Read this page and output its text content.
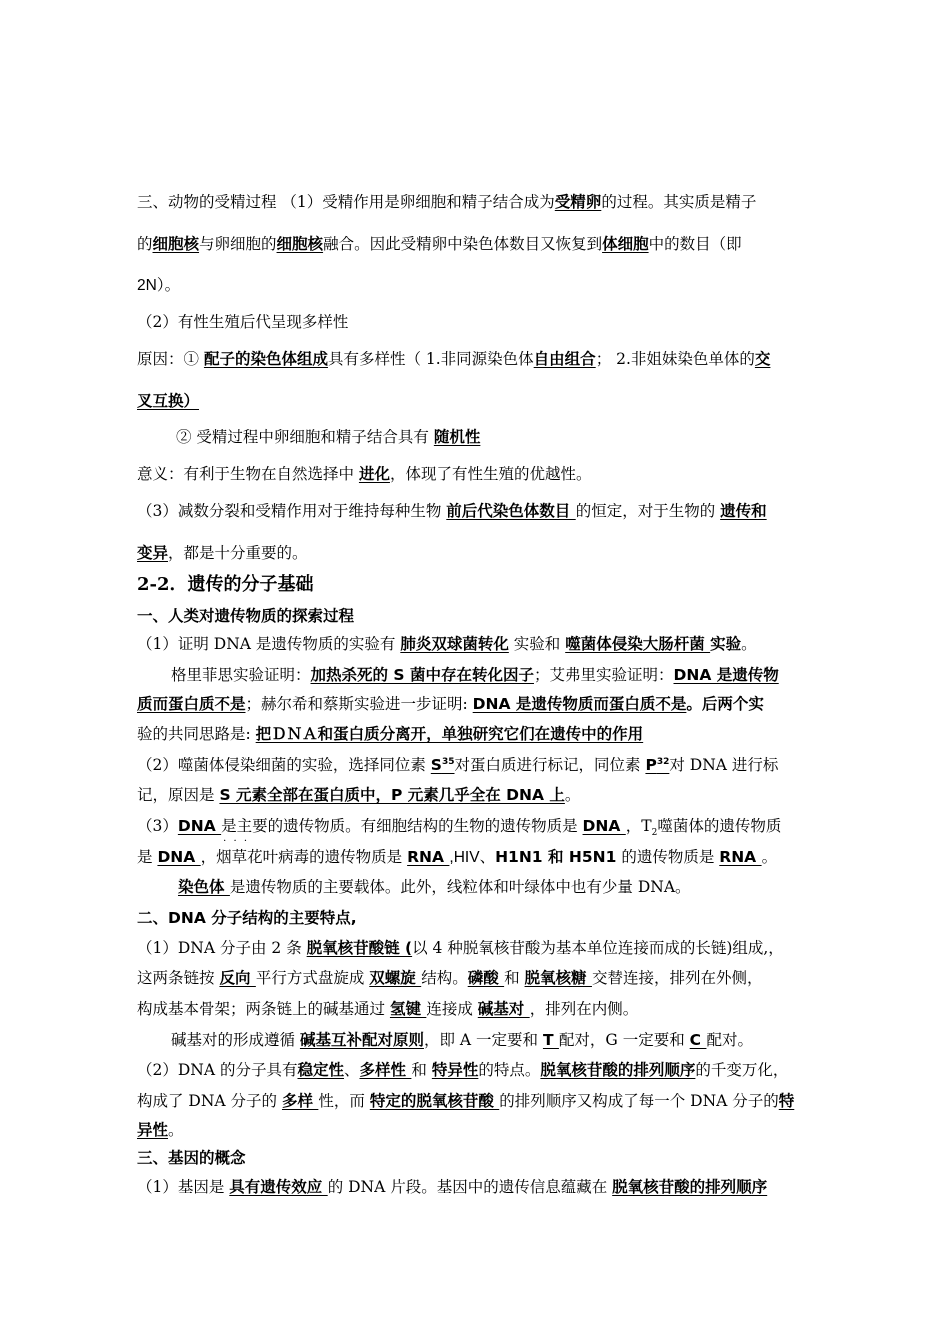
三、动物的受精过程 （1）受精作用是卵细胞和精子结合成为受精卵的过程。其实质是精子
的细胞核与卵细胞的细胞核融合。因此受精卵中染色体数目又恢复到体细胞中的数目（即
2N）。
（2）有性生殖后代呈现多样性
原因：① 配子的染色体组成具有多样性（ 1.非同源染色体自由组合； 2.非姐妹染色单体的交
叉互换）
② 受精过程中卵细胞和精子结合具有 随机性
意义：有利于生物在自然选择中 进化，体现了有性生殖的优越性。
（3）减数分裂和受精作用对于维持每种生物 前后代染色体数目 的恒定，对于生物的 遗传和
变异，都是十分重要的。
2-2．遗传的分子基础
一、人类对遗传物质的探索过程
（1）证明 DNA 是遗传物质的实验有 肺炎双球菌转化 实验和 噬菌体侵染大肠杆菌 实验。
格里菲思实验证明：加热杀死的 S 菌中存在转化因子；艾弗里实验证明：DNA 是遗传物
质而蛋白质不是；赫尔希和蔡斯实验进一步证明: DNA 是遗传物质而蛋白质不是。后两个实
验的共同思路是: 把ＤＮＡ和蛋白质分离开，单独研究它们在遗传中的作用
（2）噬菌体侵染细菌的实验，选择同位素 $S^{35}$对蛋白质进行标记，同位素 $P^{32}$对 DNA 进行标
记，原因是 S 元素全部在蛋白质中，P 元素几乎全在 DNA 上。
（3）DNA 是主要的遗传物质。有细胞结构的生物的遗传物质是 · · ·DNA ，$T_2$噬菌体的遗传物质
是 DNA ，烟草花叶病毒的遗传物质是 RNA ,HIV、H1N1 和 H5N1 的遗传物质是 RNA 。
染色体 是遗传物质的主要载体。此外，线粒体和叶绿体中也有少量 DNA。
二、DNA 分子结构的主要特点,
（1）DNA 分子由 2 条 脱氧核苷酸链 (以 4 种脱氧核苷酸为基本单位连接而成的长链)组成,，
这两条链按 反向 平行方式盘旋成 双螺旋 结构。磷酸 和 脱氧核糖 交替连接，排列在外侧，
构成基本骨架；两条链上的碱基通过 氢键 连接成 碱基对 ，排列在内侧。
碱基对的形成遵循 碱基互补配对原则，即 A 一定要和 T 配对，G 一定要和 C 配对。
（2）DNA 的分子具有稳定性、多样性 和 特异性的特点。脱氧核苷酸的排列顺序的千变万化，
构成了 DNA 分子的 多样 性，而 特定的脱氧核苷酸 的排列顺序又构成了每一个 DNA 分子的特
异性。
三、基因的概念
（1）基因是 具有遗传效应 的 DNA 片段。基因中的遗传信息蕴藏在 脱氧核苷酸的排列顺序
